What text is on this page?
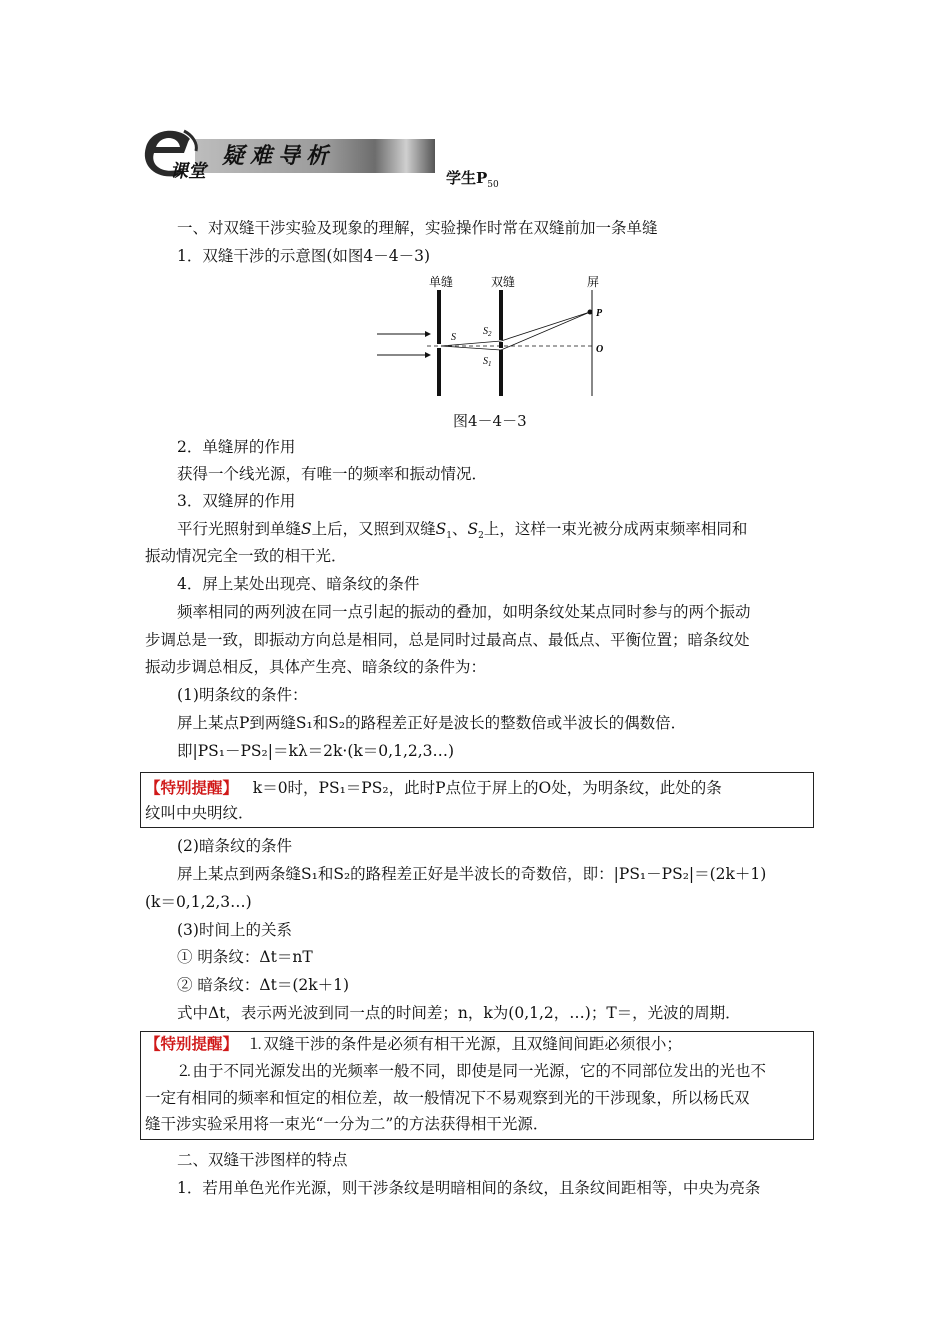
课堂
疑难导析
学生$P_{50}$
一、对双缝干涉实验及现象的理解，实验操作时常在双缝前加一条单缝
1．双缝干涉的示意图(如图4－4－3)
单缝	双缝	屏
S
$S_2$
$S_1$
P
O
图4－4－3
2．单缝屏的作用
获得一个线光源，有唯一的频率和振动情况．
3．双缝屏的作用
平行光照射到单缝S上后，又照到双缝$S_1$、$S_2$上，这样一束光被分成两束频率相同和
振动情况完全一致的相干光．
4．屏上某处出现亮、暗条纹的条件
频率相同的两列波在同一点引起的振动的叠加，如明条纹处某点同时参与的两个振动
步调总是一致，即振动方向总是相同，总是同时过最高点、最低点、平衡位置；暗条纹处
振动步调总相反，具体产生亮、暗条纹的条件为：
(1)明条纹的条件：
屏上某点P到两缝S₁和S₂的路程差正好是波长的整数倍或半波长的偶数倍．
即|PS₁－PS₂|＝kλ＝2k·(k＝0,1,2,3…)
【特别提醒】 k＝0时，PS₁＝PS₂，此时P点位于屏上的O处，为明条纹，此处的条
纹叫中央明纹．
(2)暗条纹的条件
屏上某点到两条缝S₁和S₂的路程差正好是半波长的奇数倍，即：|PS₁－PS₂|＝(2k＋1)
(k＝0,1,2,3…)
(3)时间上的关系
① 明条纹：Δt＝nT
② 暗条纹：Δt＝(2k＋1)
式中Δt，表示两光波到同一点的时间差；n，k为(0,1,2，…)；T＝，光波的周期．
【特别提醒】 ⒈双缝干涉的条件是必须有相干光源，且双缝间间距必须很小；
⒉由于不同光源发出的光频率一般不同，即使是同一光源，它的不同部位发出的光也不
一定有相同的频率和恒定的相位差，故一般情况下不易观察到光的干涉现象，所以杨氏双
缝干涉实验采用将一束光“一分为二”的方法获得相干光源．
二、双缝干涉图样的特点
1．若用单色光作光源，则干涉条纹是明暗相间的条纹，且条纹间距相等，中央为亮条
